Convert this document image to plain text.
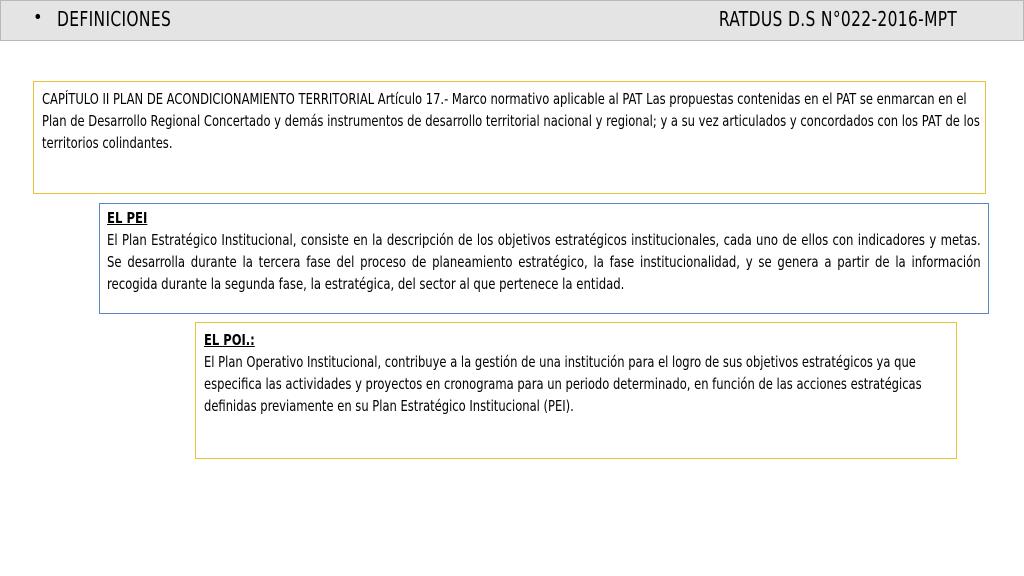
• DEFINICIONES	RATDUS D.S N°022-2016-MPT
CAPÍTULO II PLAN DE ACONDICIONAMIENTO TERRITORIAL Artículo 17.- Marco normativo aplicable al PAT Las propuestas contenidas en el PAT se enmarcan en el Plan de Desarrollo Regional Concertado y demás instrumentos de desarrollo territorial nacional y regional; y a su vez articulados y concordados con los PAT de los territorios colindantes.
EL PEI
El Plan Estratégico Institucional, consiste en la descripción de los objetivos estratégicos institucionales, cada uno de ellos con indicadores y metas. Se desarrolla durante la tercera fase del proceso de planeamiento estratégico, la fase institucionalidad, y se genera a partir de la información recogida durante la segunda fase, la estratégica, del sector al que pertenece la entidad.
EL POI.:
El Plan Operativo Institucional, contribuye a la gestión de una institución para el logro de sus objetivos estratégicos ya que especifica las actividades y proyectos en cronograma para un periodo determinado, en función de las acciones estratégicas definidas previamente en su Plan Estratégico Institucional (PEI).
